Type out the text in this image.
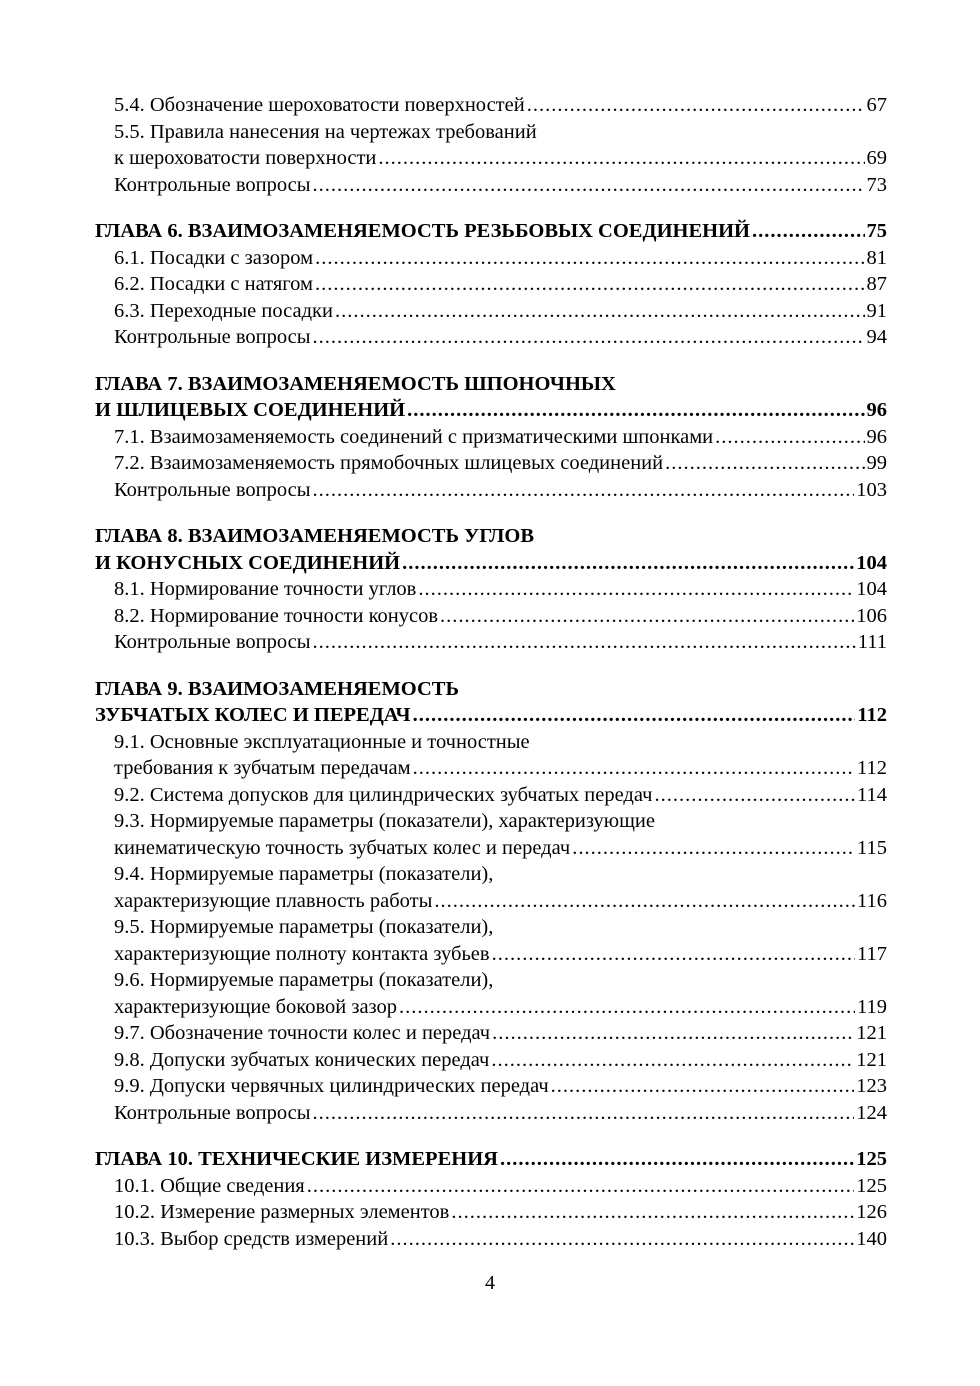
5.4. Обозначение шероховатости поверхностей .....	67
5.5. Правила нанесения на чертежах требований
к шероховатости поверхности .....	69
Контрольные вопросы .....	73
ГЛАВА 6. ВЗАИМОЗАМЕНЯЕМОСТЬ РЕЗЬБОВЫХ СОЕДИНЕНИЙ .....	75
6.1. Посадки с зазором .....	81
6.2. Посадки с натягом .....	87
6.3. Переходные посадки .....	91
Контрольные вопросы .....	94
ГЛАВА 7. ВЗАИМОЗАМЕНЯЕМОСТЬ ШПОНОЧНЫХ
И ШЛИЦЕВЫХ СОЕДИНЕНИЙ .....	96
7.1. Взаимозаменяемость соединений с призматическими шпонками .....	96
7.2. Взаимозаменяемость прямобочных шлицевых соединений .....	99
Контрольные вопросы .....	103
ГЛАВА 8. ВЗАИМОЗАМЕНЯЕМОСТЬ УГЛОВ
И КОНУСНЫХ СОЕДИНЕНИЙ .....	104
8.1. Нормирование точности углов .....	104
8.2. Нормирование точности конусов .....	106
Контрольные вопросы .....	111
ГЛАВА 9. ВЗАИМОЗАМЕНЯЕМОСТЬ
ЗУБЧАТЫХ КОЛЕС И ПЕРЕДАЧ .....	112
9.1. Основные эксплуатационные и точностные
требования к зубчатым передачам .....	112
9.2. Система допусков для цилиндрических зубчатых передач .....	114
9.3. Нормируемые параметры (показатели), характеризующие
кинематическую точность зубчатых колес и передач .....	115
9.4. Нормируемые параметры (показатели),
характеризующие плавность работы .....	116
9.5. Нормируемые параметры (показатели),
характеризующие полноту контакта зубьев .....	117
9.6. Нормируемые параметры (показатели),
характеризующие боковой зазор .....	119
9.7. Обозначение точности колес и передач .....	121
9.8. Допуски зубчатых конических передач .....	121
9.9. Допуски червячных цилиндрических передач .....	123
Контрольные вопросы .....	124
ГЛАВА 10. ТЕХНИЧЕСКИЕ ИЗМЕРЕНИЯ .....	125
10.1. Общие сведения .....	125
10.2. Измерение размерных элементов .....	126
10.3. Выбор средств измерений .....	140
4
